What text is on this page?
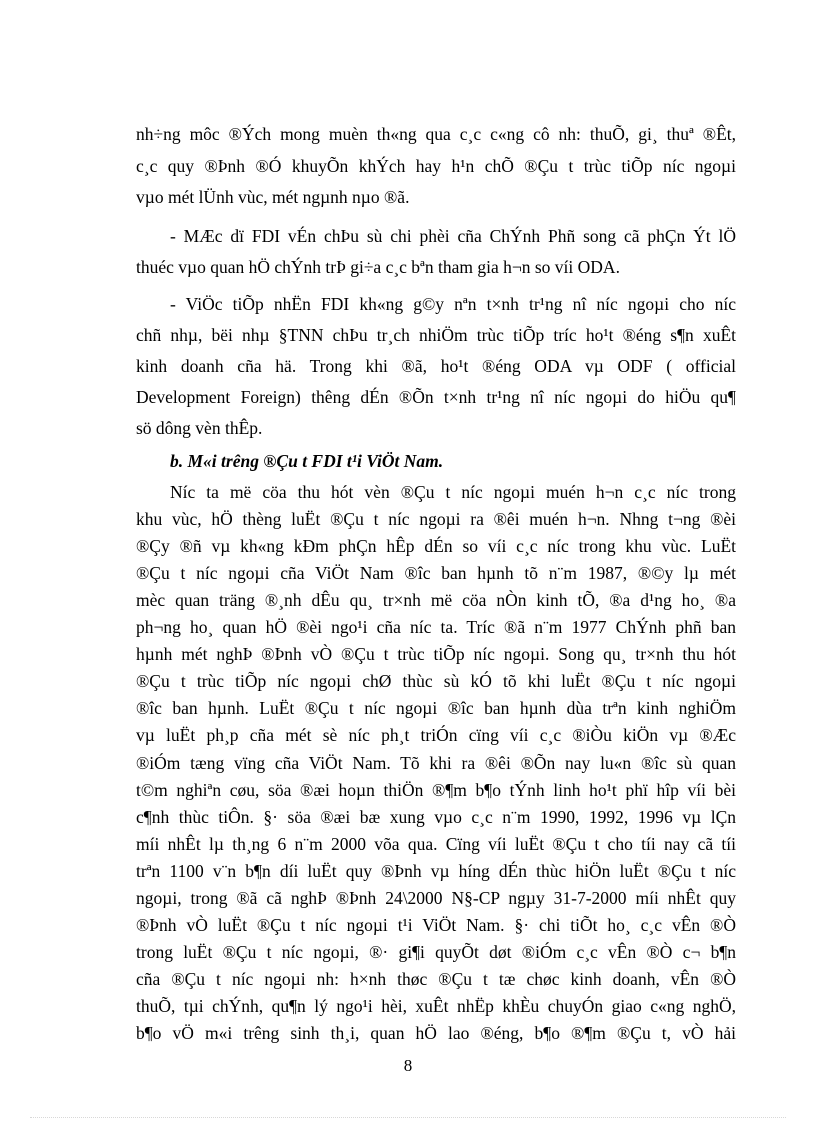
nh÷ng môc ®Ých mong muèn th«ng qua c¸c c«ng cô nh: thuÕ, gi¸ thuª ®Êt,
c¸c quy ®Þnh ®Ó khuyÕn khÝch hay h¹n chÕ ®Çu t trùc tiÕp níc ngoµi
vµo mét lÜnh vùc, mét ngµnh nµo ®ã.
- MÆc dï FDI vÉn chÞu sù chi phèi cña ChÝnh Phñ song cã phÇn Ýt lÖ
thuéc vµo quan hÖ chÝnh trÞ gi÷a c¸c bªn tham gia h¬n so víi ODA.
- ViÖc tiÕp nhËn FDI kh«ng g©y nªn t×nh tr¹ng nî níc ngoµi cho níc
chñ nhµ, bëi nhµ §TNN chÞu tr¸ch nhiÖm trùc tiÕp tríc ho¹t ®éng s¶n xuÊt
kinh doanh cña hä. Trong khi ®ã, ho¹t ®éng ODA vµ ODF ( official
Development Foreign) thêng dÉn ®Õn t×nh tr¹ng nî níc ngoµi do hiÖu qu¶
sö dông vèn thÊp.
b. M«i trêng ®Çu t FDI t¹i ViÖt Nam.
Níc ta më cöa thu hót vèn ®Çu t níc ngoµi muén h¬n c¸c níc trong
khu vùc, hÖ thèng luËt ®Çu t níc ngoµi ra ®êi muén h¬n. Nhng t¬ng ®èi
®Çy ®ñ vµ kh«ng kÐm phÇn hÊp dÉn so víi c¸c níc trong khu vùc. LuËt
®Çu t níc ngoµi cña ViÖt Nam ®îc ban hµnh tõ n¨m 1987, ®©y lµ mét
mèc quan träng ®¸nh dÊu qu¸ tr×nh më cöa nÒn kinh tÕ, ®a d¹ng ho¸ ®a
ph¬ng ho¸ quan hÖ ®èi ngo¹i cña níc ta. Tríc ®ã n¨m 1977 ChÝnh phñ ban
hµnh mét nghÞ ®Þnh vÒ ®Çu t trùc tiÕp níc ngoµi. Song qu¸ tr×nh thu hót
®Çu t trùc tiÕp níc ngoµi chØ thùc sù kÓ tõ khi luËt ®Çu t níc ngoµi
®îc ban hµnh. LuËt ®Çu t níc ngoµi ®îc ban hµnh dùa trªn kinh nghiÖm
vµ luËt ph¸p cña mét sè níc ph¸t triÓn cïng víi c¸c ®iÒu kiÖn vµ ®Æc
®iÓm tæng vïng cña ViÖt Nam. Tõ khi ra ®êi ®Õn nay lu«n ®îc sù quan
t©m nghiªn cøu, söa ®æi hoµn thiÖn ®¶m b¶o tÝnh linh ho¹t phï hîp víi bèi
c¶nh thùc tiÔn. §· söa ®æi bæ xung vµo c¸c n¨m 1990, 1992, 1996 vµ lÇn
míi nhÊt lµ th¸ng 6 n¨m 2000 võa qua. Cïng víi luËt ®Çu t cho tíi nay cã tíi
trªn 1100 v¨n b¶n díi luËt quy ®Þnh vµ híng dÉn thùc hiÖn luËt ®Çu t níc
ngoµi, trong ®ã cã nghÞ ®Þnh 24\2000 N§-CP ngµy 31-7-2000 míi nhÊt quy
®Þnh vÒ luËt ®Çu t níc ngoµi t¹i ViÖt Nam. §· chi tiÕt ho¸ c¸c vÊn ®Ò
trong luËt ®Çu t níc ngoµi, ®· gi¶i quyÕt døt ®iÓm c¸c vÊn ®Ò c¬ b¶n
cña ®Çu t níc ngoµi nh: h×nh thøc ®Çu t tæ chøc kinh doanh, vÊn ®Ò
thuÕ, tµi chÝnh, qu¶n lý ngo¹i hèi, xuÊt nhËp khÈu chuyÓn giao c«ng nghÖ,
b¶o vÖ m«i trêng sinh th¸i, quan hÖ lao ®éng, b¶o ®¶m ®Çu t, vÒ hải
8
